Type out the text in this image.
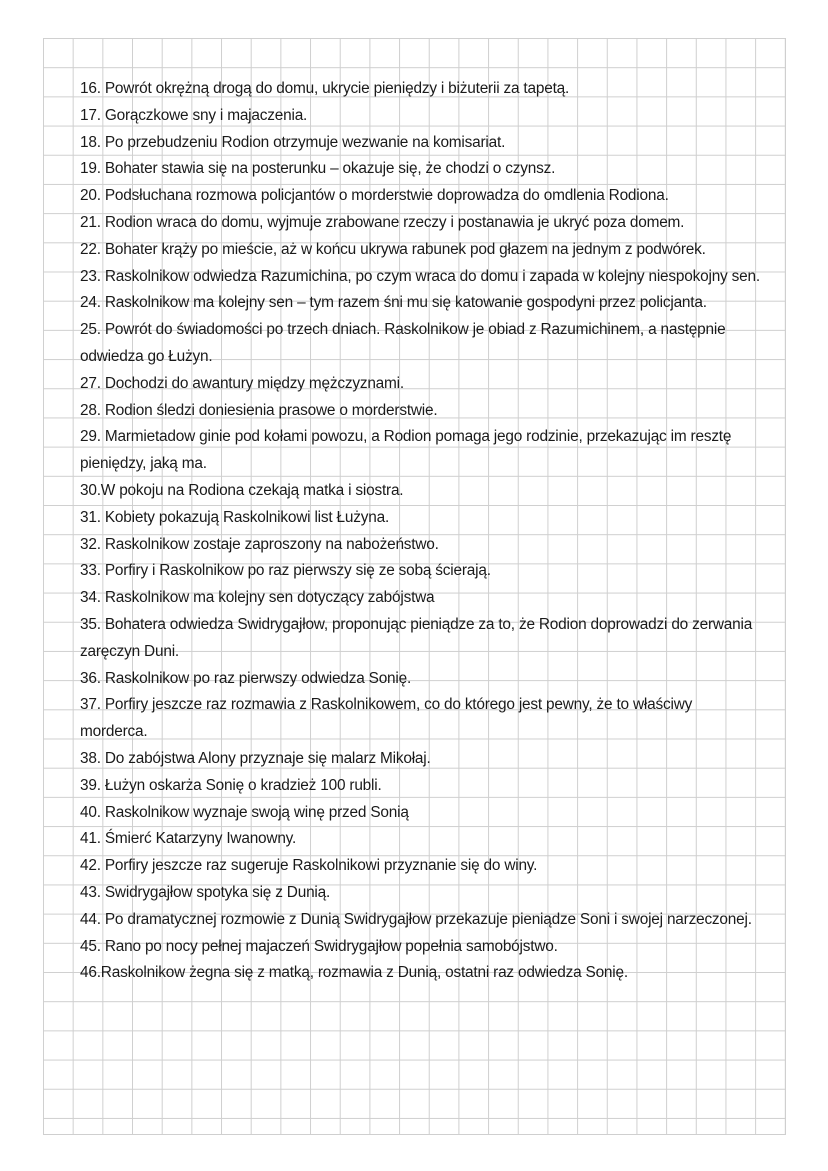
16. Powrót okrężną drogą do domu, ukrycie pieniędzy i biżuterii za tapetą.
17. Gorączkowe sny i majaczenia.
18. Po przebudzeniu Rodion otrzymuje wezwanie na komisariat.
19. Bohater stawia się na posterunku – okazuje się, że chodzi o czynsz.
20. Podsłuchana rozmowa policjantów o morderstwie doprowadza do omdlenia Rodiona.
21. Rodion wraca do domu, wyjmuje zrabowane rzeczy i postanawia je ukryć poza domem.
22. Bohater krąży po mieście, aż w końcu ukrywa rabunek pod głazem na jednym z podwórek.
23. Raskolnikow odwiedza Razumichina, po czym wraca do domu i zapada w kolejny niespokojny sen.
24. Raskolnikow ma kolejny sen – tym razem śni mu się katowanie gospodyni przez policjanta.
25. Powrót do świadomości po trzech dniach. Raskolnikow je obiad z Razumichinem, a następnie odwiedza go Łużyn.
27. Dochodzi do awantury między mężczyznami.
28. Rodion śledzi doniesienia prasowe o morderstwie.
29. Marmietadow ginie pod kołami powozu, a Rodion pomaga jego rodzinie, przekazując im resztę pieniędzy, jaką ma.
30.W pokoju na Rodiona czekają matka i siostra.
31. Kobiety pokazują Raskolnikowi list Łużyna.
32. Raskolnikow zostaje zaproszony na nabożeństwo.
33. Porfiry i Raskolnikow po raz pierwszy się ze sobą ścierają.
34. Raskolnikow ma kolejny sen dotyczący zabójstwa
35. Bohatera odwiedza Swidrygajłow, proponując pieniądze za to, że Rodion doprowadzi do zerwania zaręczyn Duni.
36. Raskolnikow po raz pierwszy odwiedza Sonię.
37. Porfiry jeszcze raz rozmawia z Raskolnikowem, co do którego jest pewny, że to właściwy morderca.
38. Do zabójstwa Alony przyznaje się malarz Mikołaj.
39. Łużyn oskarża Sonię o kradzież 100 rubli.
40. Raskolnikow wyznaje swoją winę przed Sonią
41. Śmierć Katarzyny Iwanowny.
42. Porfiry jeszcze raz sugeruje Raskolnikowi przyznanie się do winy.
43. Swidrygajłow spotyka się z Dunią.
44. Po dramatycznej rozmowie z Dunią Swidrygajłow przekazuje pieniądze Soni i swojej narzeczonej.
45. Rano po nocy pełnej majaczeń Swidrygajłow popełnia samobójstwo.
46.Raskolnikow żegna się z matką, rozmawia z Dunią, ostatni raz odwiedza Sonię.
